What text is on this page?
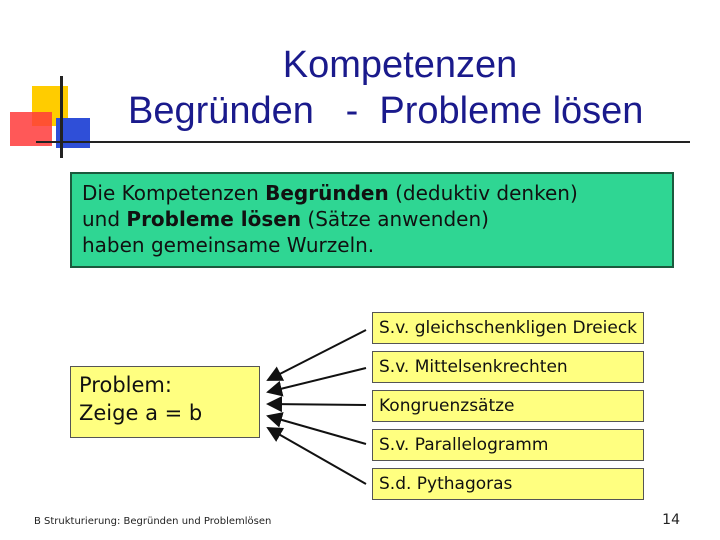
Kompetenzen
Begründen   -  Probleme lösen
Die Kompetenzen Begründen (deduktiv denken)
und Probleme lösen (Sätze anwenden)
haben gemeinsame Wurzeln.
Problem:
Zeige a = b
S.v. gleichschenkligen Dreieck
S.v. Mittelsenkrechten
Kongruenzsätze
S.v. Parallelogramm
S.d. Pythagoras
B Strukturierung: Begründen und Problemlösen	14
